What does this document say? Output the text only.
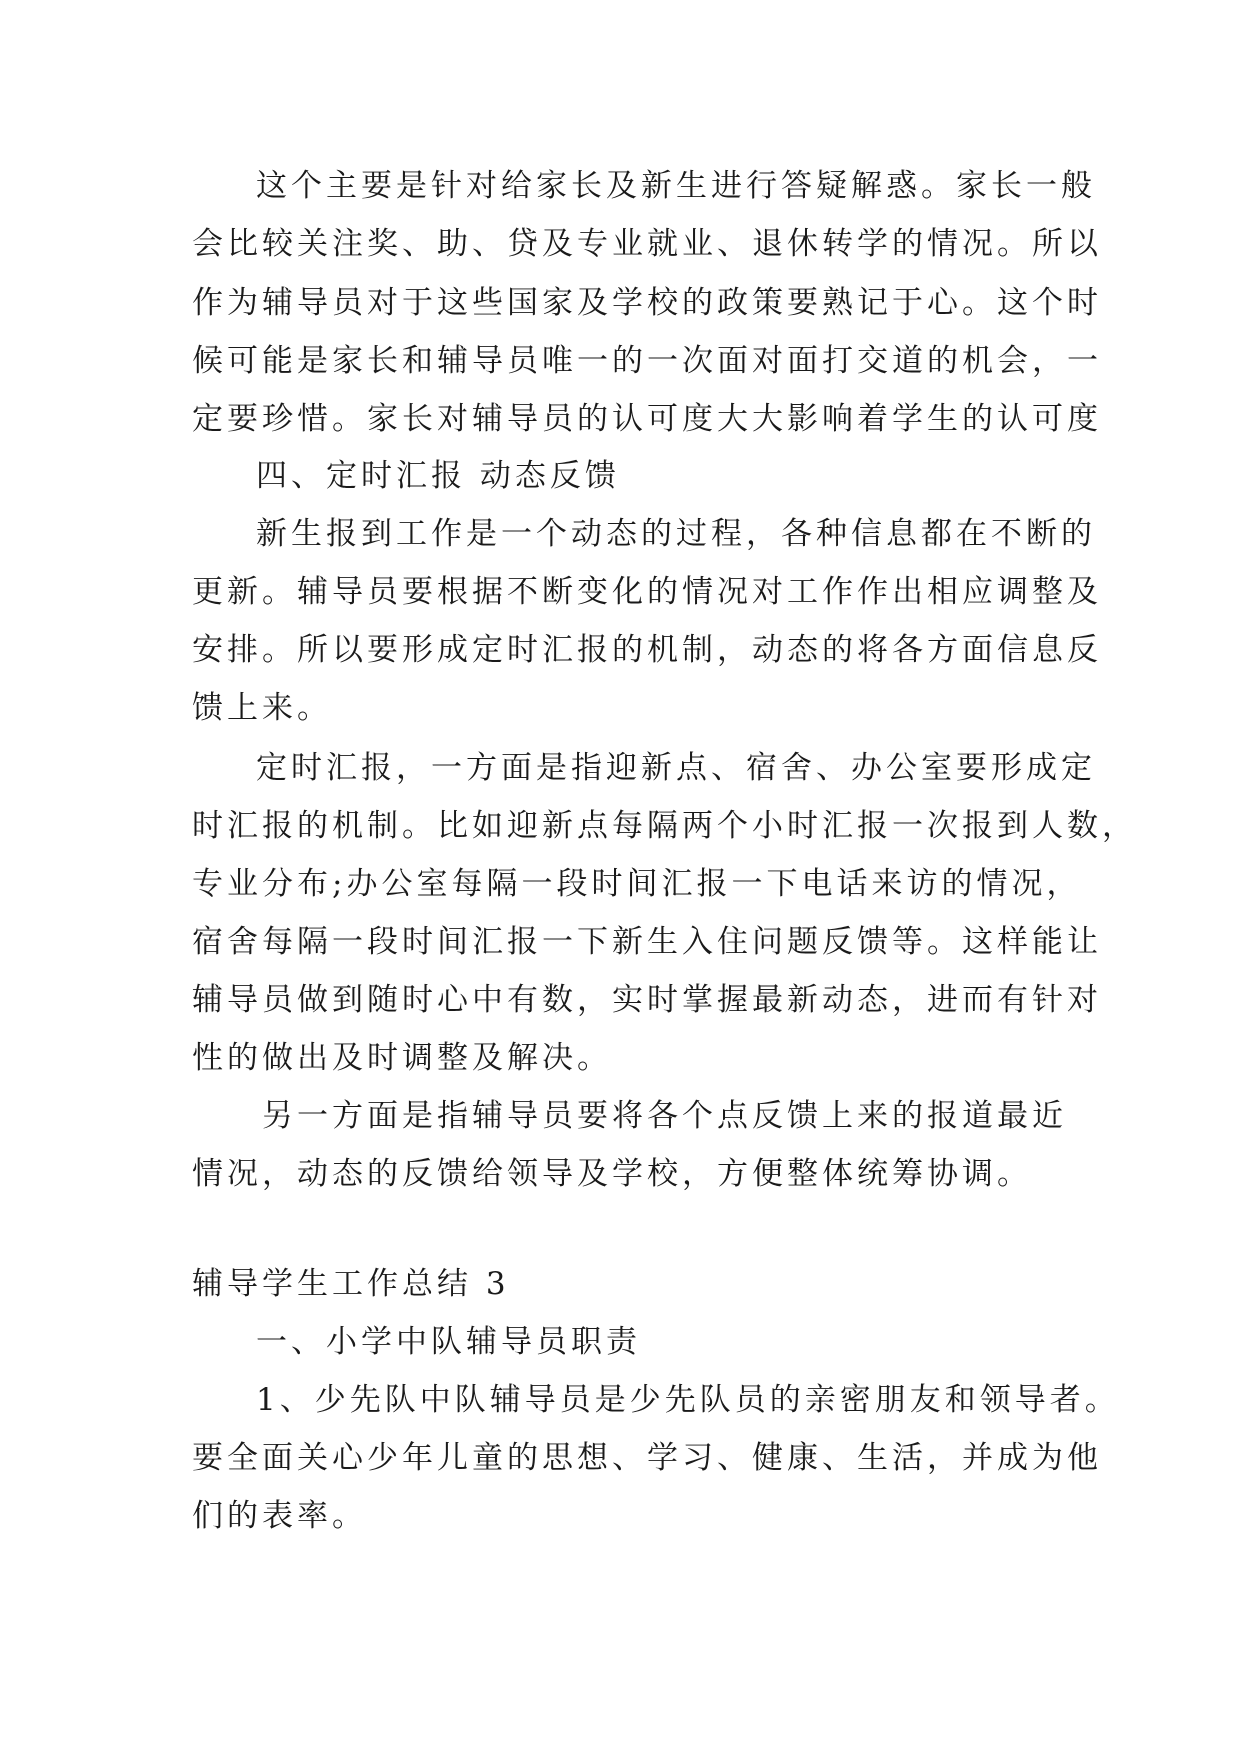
这个主要是针对给家长及新生进行答疑解惑。家长一般
会比较关注奖、助、贷及专业就业、退休转学的情况。所以
作为辅导员对于这些国家及学校的政策要熟记于心。这个时
候可能是家长和辅导员唯一的一次面对面打交道的机会，一
定要珍惜。家长对辅导员的认可度大大影响着学生的认可度
四、定时汇报 动态反馈
新生报到工作是一个动态的过程，各种信息都在不断的
更新。辅导员要根据不断变化的情况对工作作出相应调整及
安排。所以要形成定时汇报的机制，动态的将各方面信息反
馈上来。
定时汇报，一方面是指迎新点、宿舍、办公室要形成定
时汇报的机制。比如迎新点每隔两个小时汇报一次报到人数，
专业分布;办公室每隔一段时间汇报一下电话来访的情况，
宿舍每隔一段时间汇报一下新生入住问题反馈等。这样能让
辅导员做到随时心中有数，实时掌握最新动态，进而有针对
性的做出及时调整及解决。
另一方面是指辅导员要将各个点反馈上来的报道最近
情况，动态的反馈给领导及学校，方便整体统筹协调。
辅导学生工作总结 3
一、小学中队辅导员职责
1、少先队中队辅导员是少先队员的亲密朋友和领导者。
要全面关心少年儿童的思想、学习、健康、生活，并成为他
们的表率。
